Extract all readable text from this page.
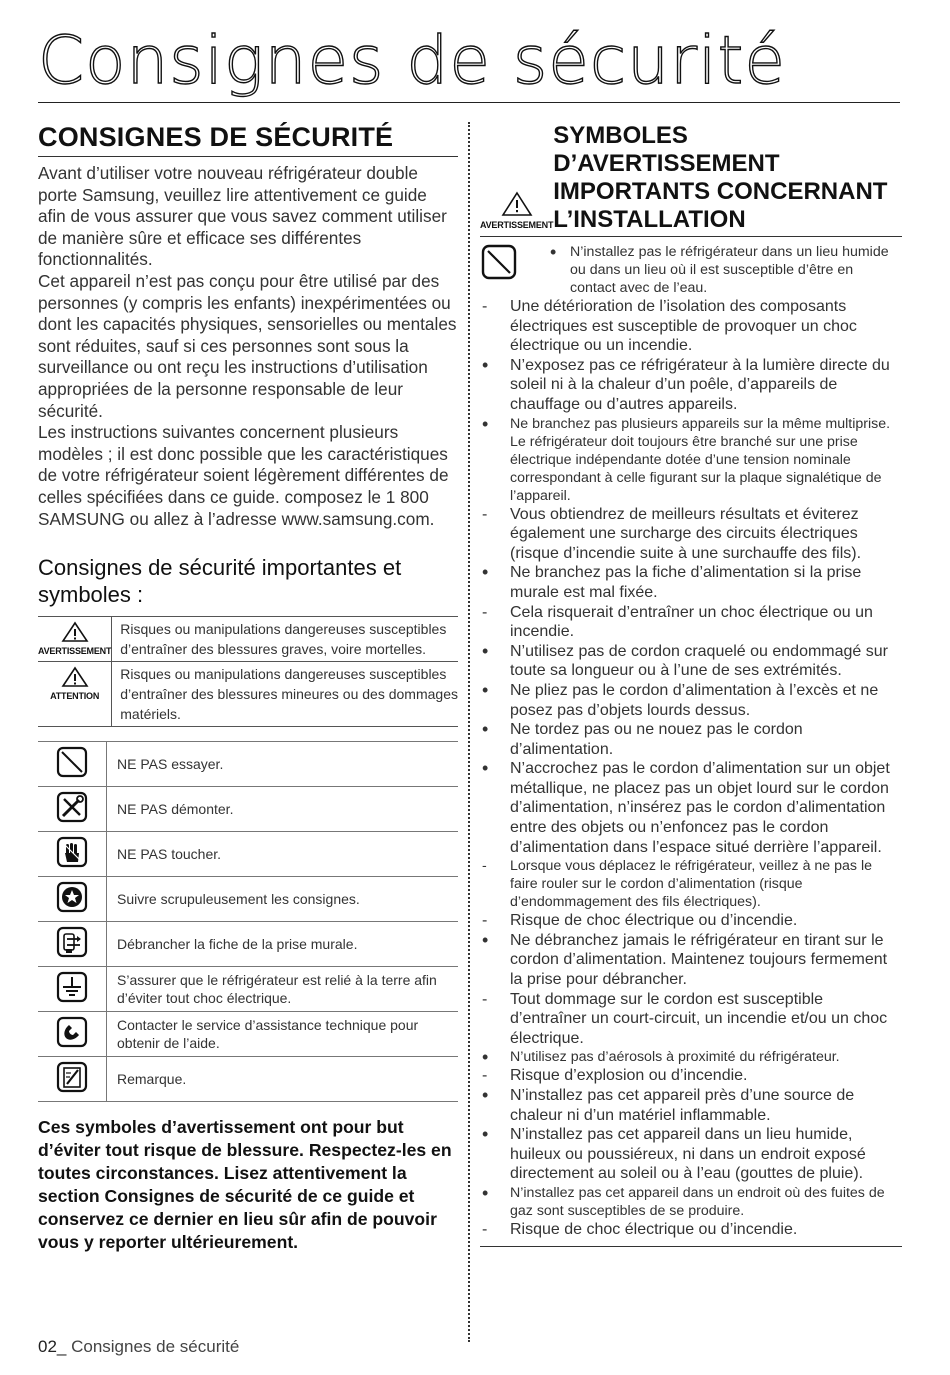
Consignes de sécurité
CONSIGNES DE SÉCURITÉ

Avant d’utiliser votre nouveau réfrigérateur double porte Samsung, veuillez lire attentivement ce guide afin de vous assurer que vous savez comment utiliser de manière sûre et efficace ses différentes fonctionnalités.

Cet appareil n’est pas conçu pour être utilisé par des personnes (y compris les enfants) inexpérimentées ou dont les capacités physiques, sensorielles ou mentales sont réduites, sauf si ces personnes sont sous la surveillance ou ont reçu les instructions d’utilisation appropriées de la personne responsable de leur sécurité.

Les instructions suivantes concernent plusieurs modèles ; il est donc possible que les caractéristiques de votre réfrigérateur soient légèrement différentes de celles spécifiées dans ce guide. composez le 1 800 SAMSUNG ou allez à l’adresse www.samsung.com.

Consignes de sécurité importantes et symboles :
AVERTISSEMENT	Risques ou manipulations dangereuses susceptibles d’entraîner des blessures graves, voire mortelles.

ATTENTION	Risques ou manipulations dangereuses susceptibles d’entraîner des blessures mineures ou des dommages matériels.
	NE PAS essayer.
	NE PAS démonter.
	NE PAS toucher.
	Suivre scrupuleusement les consignes.
	Débrancher la fiche de la prise murale.
	S’assurer que le réfrigérateur est relié à la terre afin d’éviter tout choc électrique.
	Contacter le service d’assistance technique pour obtenir de l’aide.
	Remarque.
Ces symboles d’avertissement ont pour but d’éviter tout risque de blessure. Respectez-les en toutes circonstances. Lisez attentivement la section Consignes de sécurité de ce guide et conservez ce dernier en lieu sûr afin de pouvoir vous y reporter ultérieurement.
AVERTISSEMENT
SYMBOLES D’AVERTISSEMENT IMPORTANTS CONCERNANT L’INSTALLATION
•
N’installez pas le réfrigérateur dans un lieu humide ou dans un lieu où il est susceptible d’être en contact avec de l’eau.
-
Une détérioration de l’isolation des composants électriques est susceptible de provoquer un choc électrique ou un incendie.
•
N’exposez pas ce réfrigérateur à la lumière directe du soleil ni à la chaleur d’un poêle, d’appareils de chauffage ou d’autres appareils.
•
Ne branchez pas plusieurs appareils sur la même multiprise. Le réfrigérateur doit toujours être branché sur une prise électrique indépendante dotée d’une tension nominale correspondant à celle figurant sur la plaque signalétique de l’appareil.
-
Vous obtiendrez de meilleurs résultats et éviterez également une surcharge des circuits électriques (risque d’incendie suite à une surchauffe des fils).
•
Ne branchez pas la fiche d’alimentation si la prise murale est mal fixée.
-
Cela risquerait d’entraîner un choc électrique ou un incendie.
•
N’utilisez pas de cordon craquelé ou endommagé sur toute sa longueur ou à l’une de ses extrémités.
•
Ne pliez pas le cordon d’alimentation à l’excès et ne posez pas d’objets lourds dessus.
•
Ne tordez pas ou ne nouez pas le cordon d’alimentation.
•
N’accrochez pas le cordon d’alimentation sur un objet métallique, ne placez pas un objet lourd sur le cordon d’alimentation, n’insérez pas le cordon d’alimentation entre des objets ou n’enfoncez pas le cordon d’alimentation dans l’espace situé derrière l’appareil.
-
Lorsque vous déplacez le réfrigérateur, veillez à ne pas le faire rouler sur le cordon d’alimentation (risque d’endommagement des fils électriques).
-
Risque de choc électrique ou d’incendie.
•
Ne débranchez jamais le réfrigérateur en tirant sur le cordon d’alimentation. Maintenez toujours fermement la prise pour débrancher.
-
Tout dommage sur le cordon est susceptible d’entraîner un court-circuit, un incendie et/ou un choc électrique.
•
N’utilisez pas d’aérosols à proximité du réfrigérateur.
-
Risque d’explosion ou d’incendie.
•
N’installez pas cet appareil près d’une source de chaleur ni d’un matériel inflammable.
•
N’installez pas cet appareil dans un lieu humide, huileux ou poussiéreux, ni dans un endroit exposé directement au soleil ou à l’eau (gouttes de pluie).
•
N’installez pas cet appareil dans un endroit où des fuites de gaz sont susceptibles de se produire.
-
Risque de choc électrique ou d’incendie.
02_ Consignes de sécurité
